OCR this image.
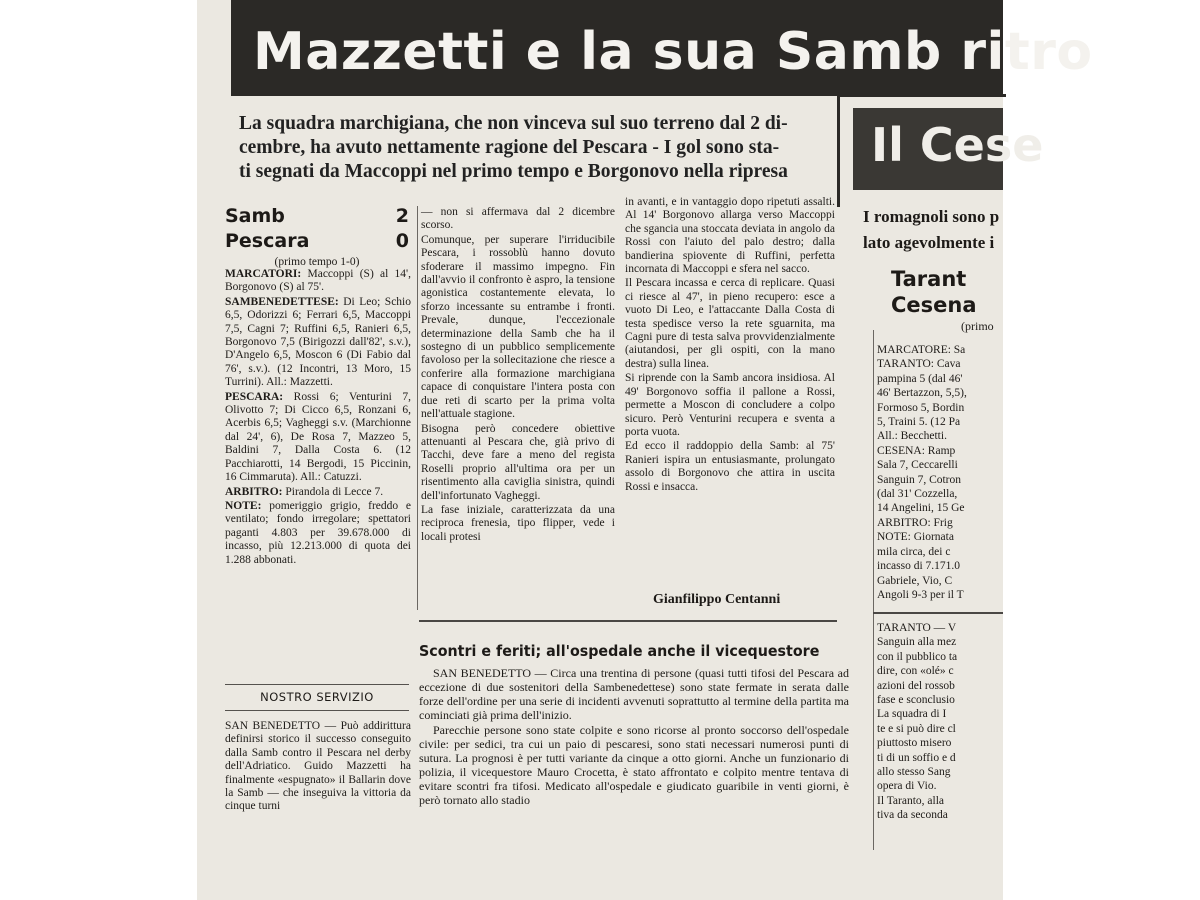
Mazzetti e la sua Samb ritro

La squadra marchigiana, che non vinceva sul suo terreno dal 2 di-

cembre, ha avuto nettamente ragione del Pescara - I gol sono sta-

ti segnati da Maccoppi nel primo tempo e Borgonovo nella ripresa	Il Cese

I romagnoli sono p

lato agevolmente i

Tarant

Cesena

(primo

MARCATORE: Sa

TARANTO: Cava

pampina 5 (dal 46'

46' Bertazzon, 5,5),

Formoso 5, Bordin

5, Traini 5. (12 Pa

All.: Becchetti.

CESENA: Ramp

Sala 7, Ceccarelli

Sanguin 7, Cotron

(dal 31' Cozzella,

14 Angelini, 15 Ge

ARBITRO: Frig

NOTE: Giornata

mila circa, dei c

incasso di 7.171.0

Gabriele, Vio, C

Angoli 9-3 per il T

TARANTO — V

Sanguin alla mez

con il pubblico ta

dire, con «olé» c

azioni del rossob

fase e sconclusio

La squadra di I

te e si può dire cl

piuttosto misero

ti di un soffio e d

allo stesso Sang

opera di Vio.

Il Taranto, alla

tiva da seconda

Samb	2
Pescara	0
(primo tempo 1-0)

MARCATORI: Maccoppi (S) al 14', Borgonovo (S) al 75'.

SAMBENEDETTESE: Di Leo; Schio 6,5, Odorizzi 6; Ferrari 6,5, Maccoppi 7,5, Cagni 7; Ruffini 6,5, Ranieri 6,5, Borgonovo 7,5 (Birigozzi dall'82', s.v.), D'Angelo 6,5, Moscon 6 (Di Fabio dal 76', s.v.). (12 Incontri, 13 Moro, 15 Turrini). All.: Mazzetti.

PESCARA: Rossi 6; Venturini 7, Olivotto 7; Di Cicco 6,5, Ronzani 6, Acerbis 6,5; Vagheggi s.v. (Marchionne dal 24', 6), De Rosa 7, Mazzeo 5, Baldini 7, Dalla Costa 6. (12 Pacchiarotti, 14 Bergodi, 15 Piccinin, 16 Cimmaruta). All.: Catuzzi.

ARBITRO: Pirandola di Lecce 7.

NOTE: pomeriggio grigio, freddo e ventilato; fondo irregolare; spettatori paganti 4.803 per 39.678.000 di incasso, più 12.213.000 di quota dei 1.288 abbonati.

NOSTRO SERVIZIO

SAN BENEDETTO — Può addirittura definirsi storico il successo conseguito dalla Samb contro il Pescara nel derby dell'Adriatico. Guido Mazzetti ha finalmente «espugnato» il Ballarin dove la Samb — che inseguiva la vittoria da cinque turni

— non si affermava dal 2 dicembre scorso.

Comunque, per superare l'irriducibile Pescara, i rossoblù hanno dovuto sfoderare il massimo impegno. Fin dall'avvio il confronto è aspro, la tensione agonistica costantemente elevata, lo sforzo incessante su entrambe i fronti. Prevale, dunque, l'eccezionale determinazione della Samb che ha il sostegno di un pubblico semplicemente favoloso per la sollecitazione che riesce a conferire alla formazione marchigiana capace di conquistare l'intera posta con due reti di scarto per la prima volta nell'attuale stagione.

Bisogna però concedere obiettive attenuanti al Pescara che, già privo di Tacchi, deve fare a meno del regista Roselli proprio all'ultima ora per un risentimento alla caviglia sinistra, quindi dell'infortunato Vagheggi.

La fase iniziale, caratterizzata da una reciproca frenesia, tipo flipper, vede i locali protesi

in avanti, e in vantaggio dopo ripetuti assalti. Al 14' Borgonovo allarga verso Maccoppi che sgancia una stoccata deviata in angolo da Rossi con l'aiuto del palo destro; dalla bandierina spiovente di Ruffini, perfetta incornata di Maccoppi e sfera nel sacco.

Il Pescara incassa e cerca di replicare. Quasi ci riesce al 47', in pieno recupero: esce a vuoto Di Leo, e l'attaccante Dalla Costa di testa spedisce verso la rete sguarnita, ma Cagni pure di testa salva provvidenzialmente (aiutandosi, per gli ospiti, con la mano destra) sulla linea.

Si riprende con la Samb ancora insidiosa. Al 49' Borgonovo soffia il pallone a Rossi, permette a Moscon di concludere a colpo sicuro. Però Venturini recupera e sventa a porta vuota.

Ed ecco il raddoppio della Samb: al 75' Ranieri ispira un entusiasmante, prolungato assolo di Borgonovo che attira in uscita Rossi e insacca.

Gianfilippo Centanni
Scontri e feriti; all'ospedale anche il vicequestore

SAN BENEDETTO — Circa una trentina di persone (quasi tutti tifosi del Pescara ad eccezione di due sostenitori della Sambenedettese) sono state fermate in serata dalle forze dell'ordine per una serie di incidenti avvenuti soprattutto al termine della partita ma cominciati già prima dell'inizio.

Parecchie persone sono state colpite e sono ricorse al pronto soccorso dell'ospedale civile: per sedici, tra cui un paio di pescaresi, sono stati necessari numerosi punti di sutura. La prognosi è per tutti variante da cinque a otto giorni. Anche un funzionario di polizia, il vicequestore Mauro Crocetta, è stato affrontato e colpito mentre tentava di evitare scontri fra tifosi. Medicato all'ospedale e giudicato guaribile in venti giorni, è però tornato allo stadio
